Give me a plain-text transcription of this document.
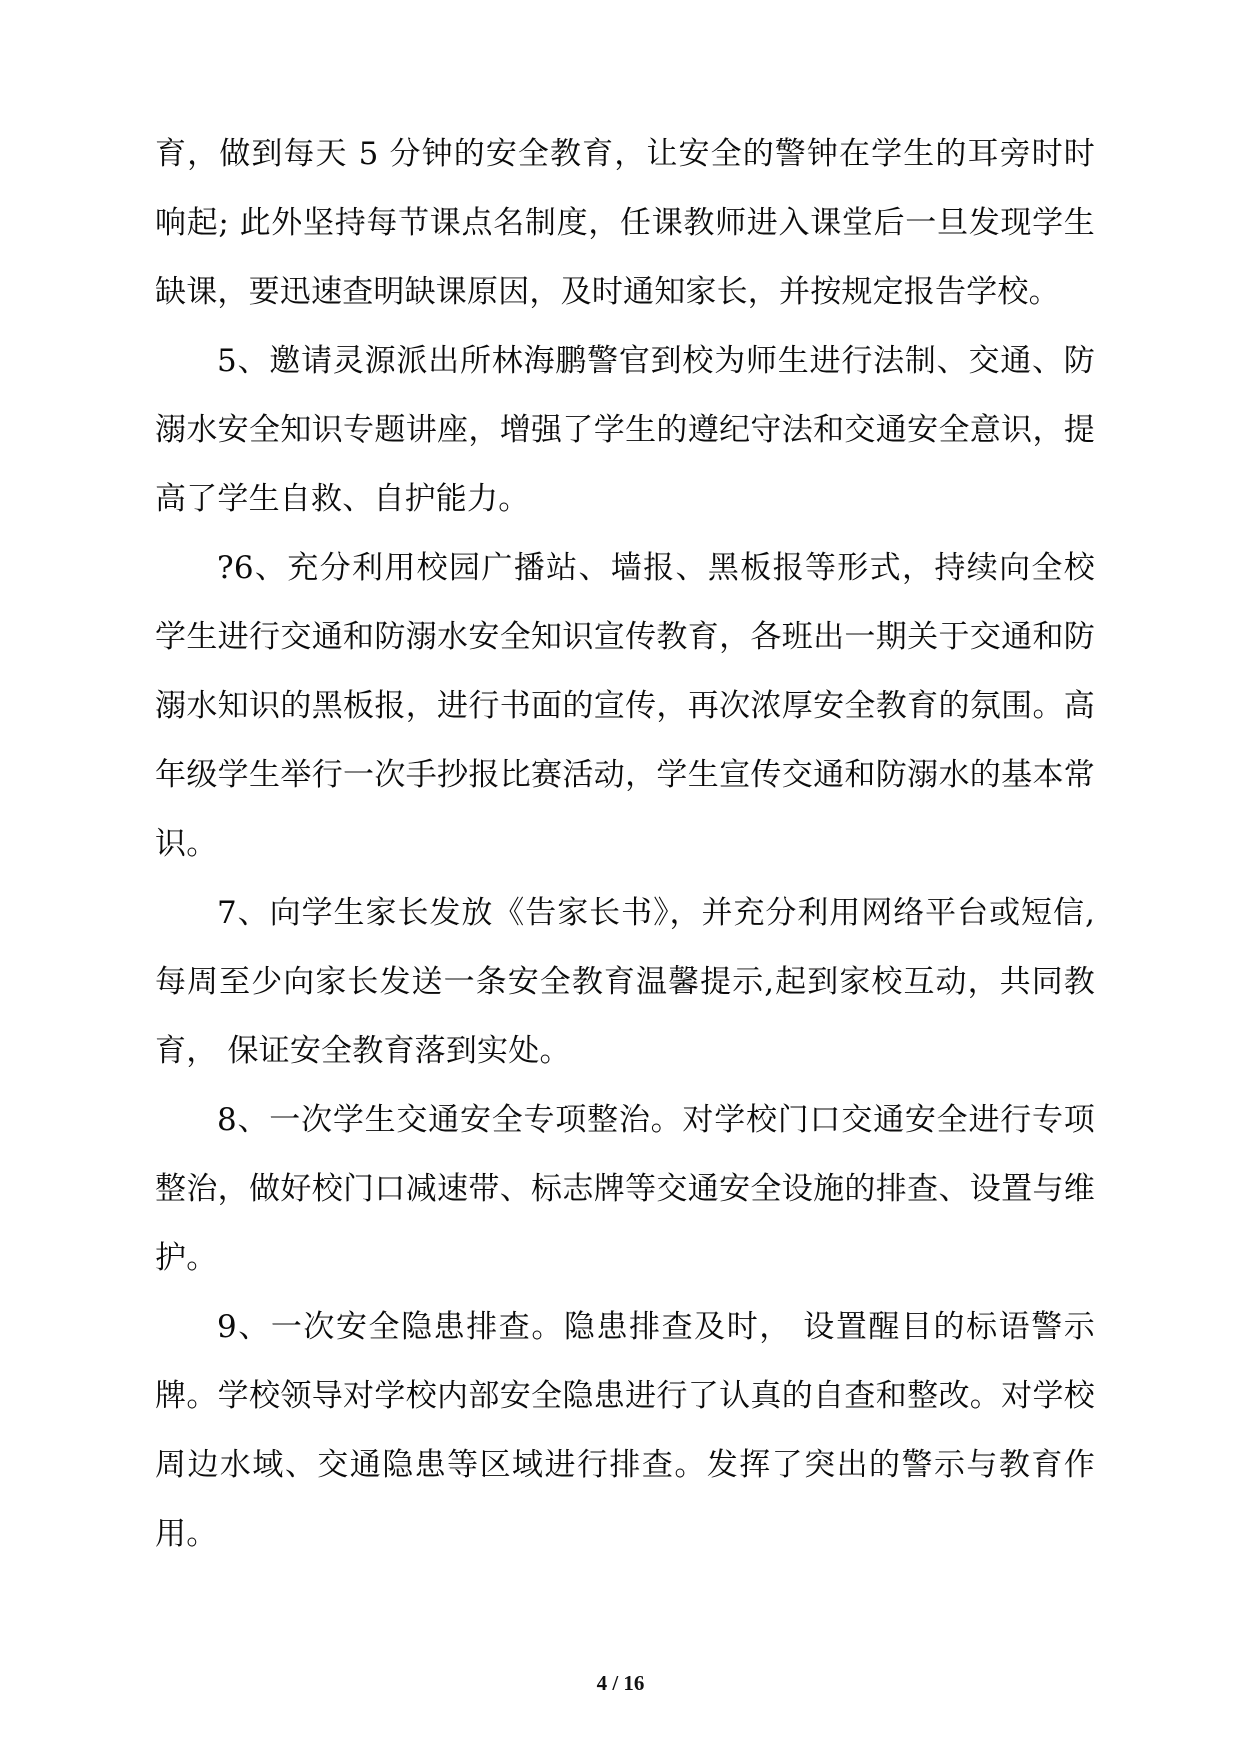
育，做到每天 5 分钟的安全教育，让安全的警钟在学生的耳旁时时响起; 此外坚持每节课点名制度，任课教师进入课堂后一旦发现学生缺课，要迅速查明缺课原因，及时通知家长，并按规定报告学校。

5、邀请灵源派出所林海鹏警官到校为师生进行法制、交通、防溺水安全知识专题讲座，增强了学生的遵纪守法和交通安全意识，提高了学生自救、自护能力。

?6、充分利用校园广播站、墙报、黑板报等形式，持续向全校学生进行交通和防溺水安全知识宣传教育，各班出一期关于交通和防溺水知识的黑板报，进行书面的宣传，再次浓厚安全教育的氛围。高年级学生举行一次手抄报比赛活动，学生宣传交通和防溺水的基本常识。

7、向学生家长发放《告家长书》，并充分利用网络平台或短信,每周至少向家长发送一条安全教育温馨提示,起到家校互动，共同教育， 保证安全教育落到实处。

8、一次学生交通安全专项整治。对学校门口交通安全进行专项整治，做好校门口减速带、标志牌等交通安全设施的排查、设置与维护。

9、一次安全隐患排查。隐患排查及时， 设置醒目的标语警示牌。学校领导对学校内部安全隐患进行了认真的自查和整改。对学校周边水域、交通隐患等区域进行排查。发挥了突出的警示与教育作用。

4 / 16
